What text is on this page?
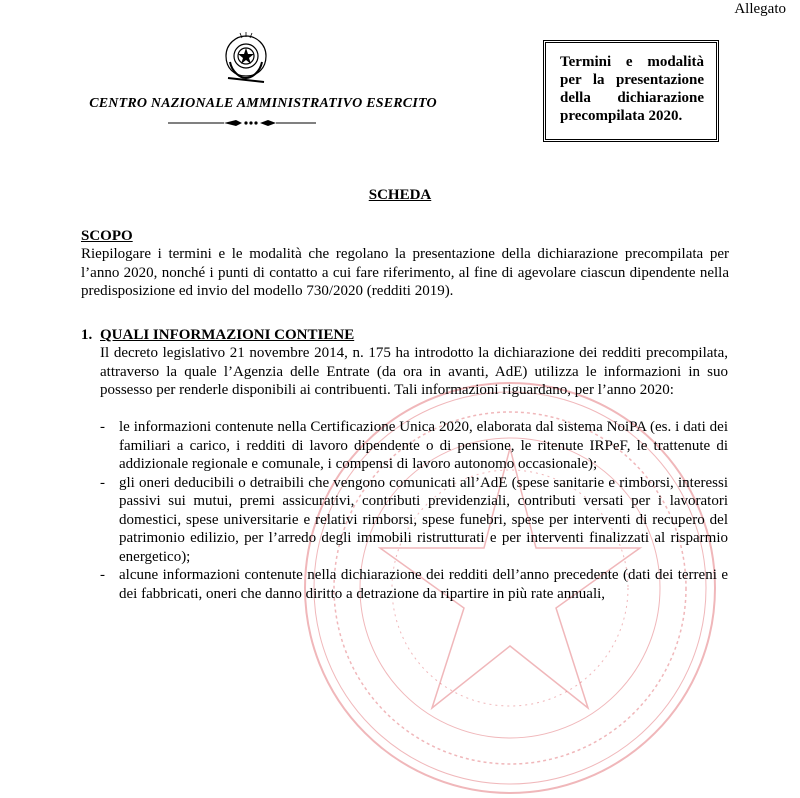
Allegato
CENTRO NAZIONALE AMMINISTRATIVO ESERCITO
Termini e modalità per la presentazione della dichiarazione precompilata 2020.
SCHEDA
SCOPO
Riepilogare i termini e le modalità che regolano la presentazione della dichiarazione precompilata per l’anno 2020, nonché i punti di contatto a cui fare riferimento, al fine di agevolare ciascun dipendente nella predisposizione ed invio del modello 730/2020 (redditi 2019).
1. QUALI INFORMAZIONI CONTIENE
Il decreto legislativo 21 novembre 2014, n. 175 ha introdotto la dichiarazione dei redditi precompilata, attraverso la quale l’Agenzia delle Entrate (da ora in avanti, AdE) utilizza le informazioni in suo possesso per renderle disponibili ai contribuenti. Tali informazioni riguardano, per l’anno 2020:
- le informazioni contenute nella Certificazione Unica 2020, elaborata dal sistema NoiPA (es. i dati dei familiari a carico, i redditi di lavoro dipendente o di pensione, le ritenute IRPeF, le trattenute di addizionale regionale e comunale, i compensi di lavoro autonomo occasionale);
- gli oneri deducibili o detraibili che vengono comunicati all’AdE (spese sanitarie e rimborsi, interessi passivi sui mutui, premi assicurativi, contributi previdenziali, contributi versati per i lavoratori domestici, spese universitarie e relativi rimborsi, spese funebri, spese per interventi di recupero del patrimonio edilizio, per l’arredo degli immobili ristrutturati e per interventi finalizzati al risparmio energetico);
- alcune informazioni contenute nella dichiarazione dei redditi dell’anno precedente (dati dei terreni e dei fabbricati, oneri che danno diritto a detrazione da ripartire in più rate annuali,
